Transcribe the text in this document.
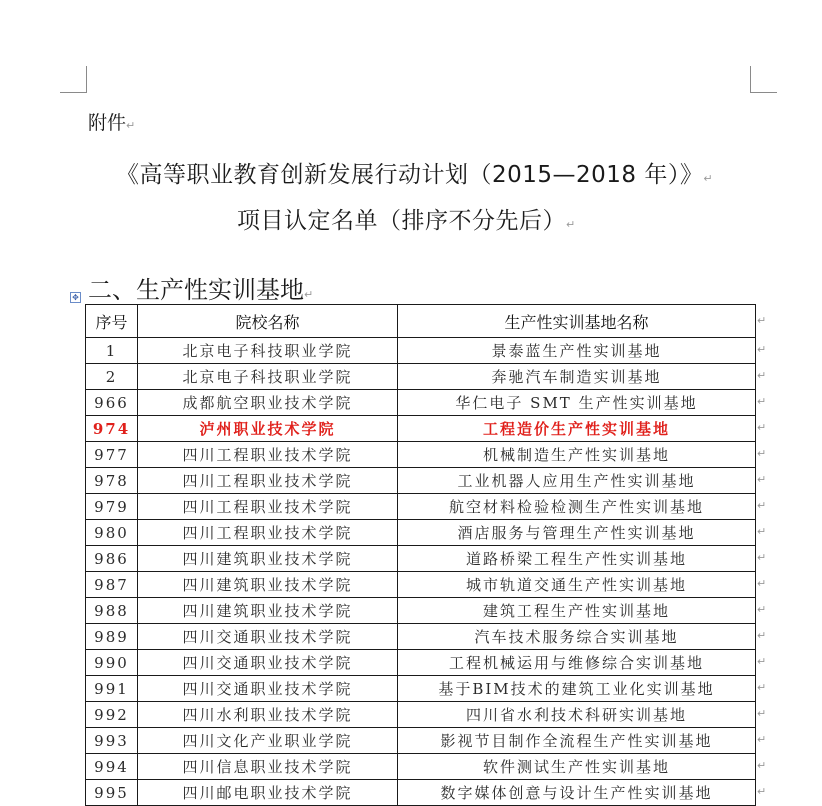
附件↵
《高等职业教育创新发展行动计划（2015—2018 年）》↵
项目认定名单（排序不分先后）↵
二、生产性实训基地↵
✥
序号	院校名称	生产性实训基地名称
1	北京电子科技职业学院	景泰蓝生产性实训基地
2	北京电子科技职业学院	奔驰汽车制造实训基地
966	成都航空职业技术学院	华仁电子 SMT 生产性实训基地
974	泸州职业技术学院	工程造价生产性实训基地
977	四川工程职业技术学院	机械制造生产性实训基地
978	四川工程职业技术学院	工业机器人应用生产性实训基地
979	四川工程职业技术学院	航空材料检验检测生产性实训基地
980	四川工程职业技术学院	酒店服务与管理生产性实训基地
986	四川建筑职业技术学院	道路桥梁工程生产性实训基地
987	四川建筑职业技术学院	城市轨道交通生产性实训基地
988	四川建筑职业技术学院	建筑工程生产性实训基地
989	四川交通职业技术学院	汽车技术服务综合实训基地
990	四川交通职业技术学院	工程机械运用与维修综合实训基地
991	四川交通职业技术学院	基于BIM技术的建筑工业化实训基地
992	四川水利职业技术学院	四川省水利技术科研实训基地
993	四川文化产业职业学院	影视节目制作全流程生产性实训基地
994	四川信息职业技术学院	软件测试生产性实训基地
995	四川邮电职业技术学院	数字媒体创意与设计生产性实训基地
↵
↵
↵
↵
↵
↵
↵
↵
↵
↵
↵
↵
↵
↵
↵
↵
↵
↵
↵
